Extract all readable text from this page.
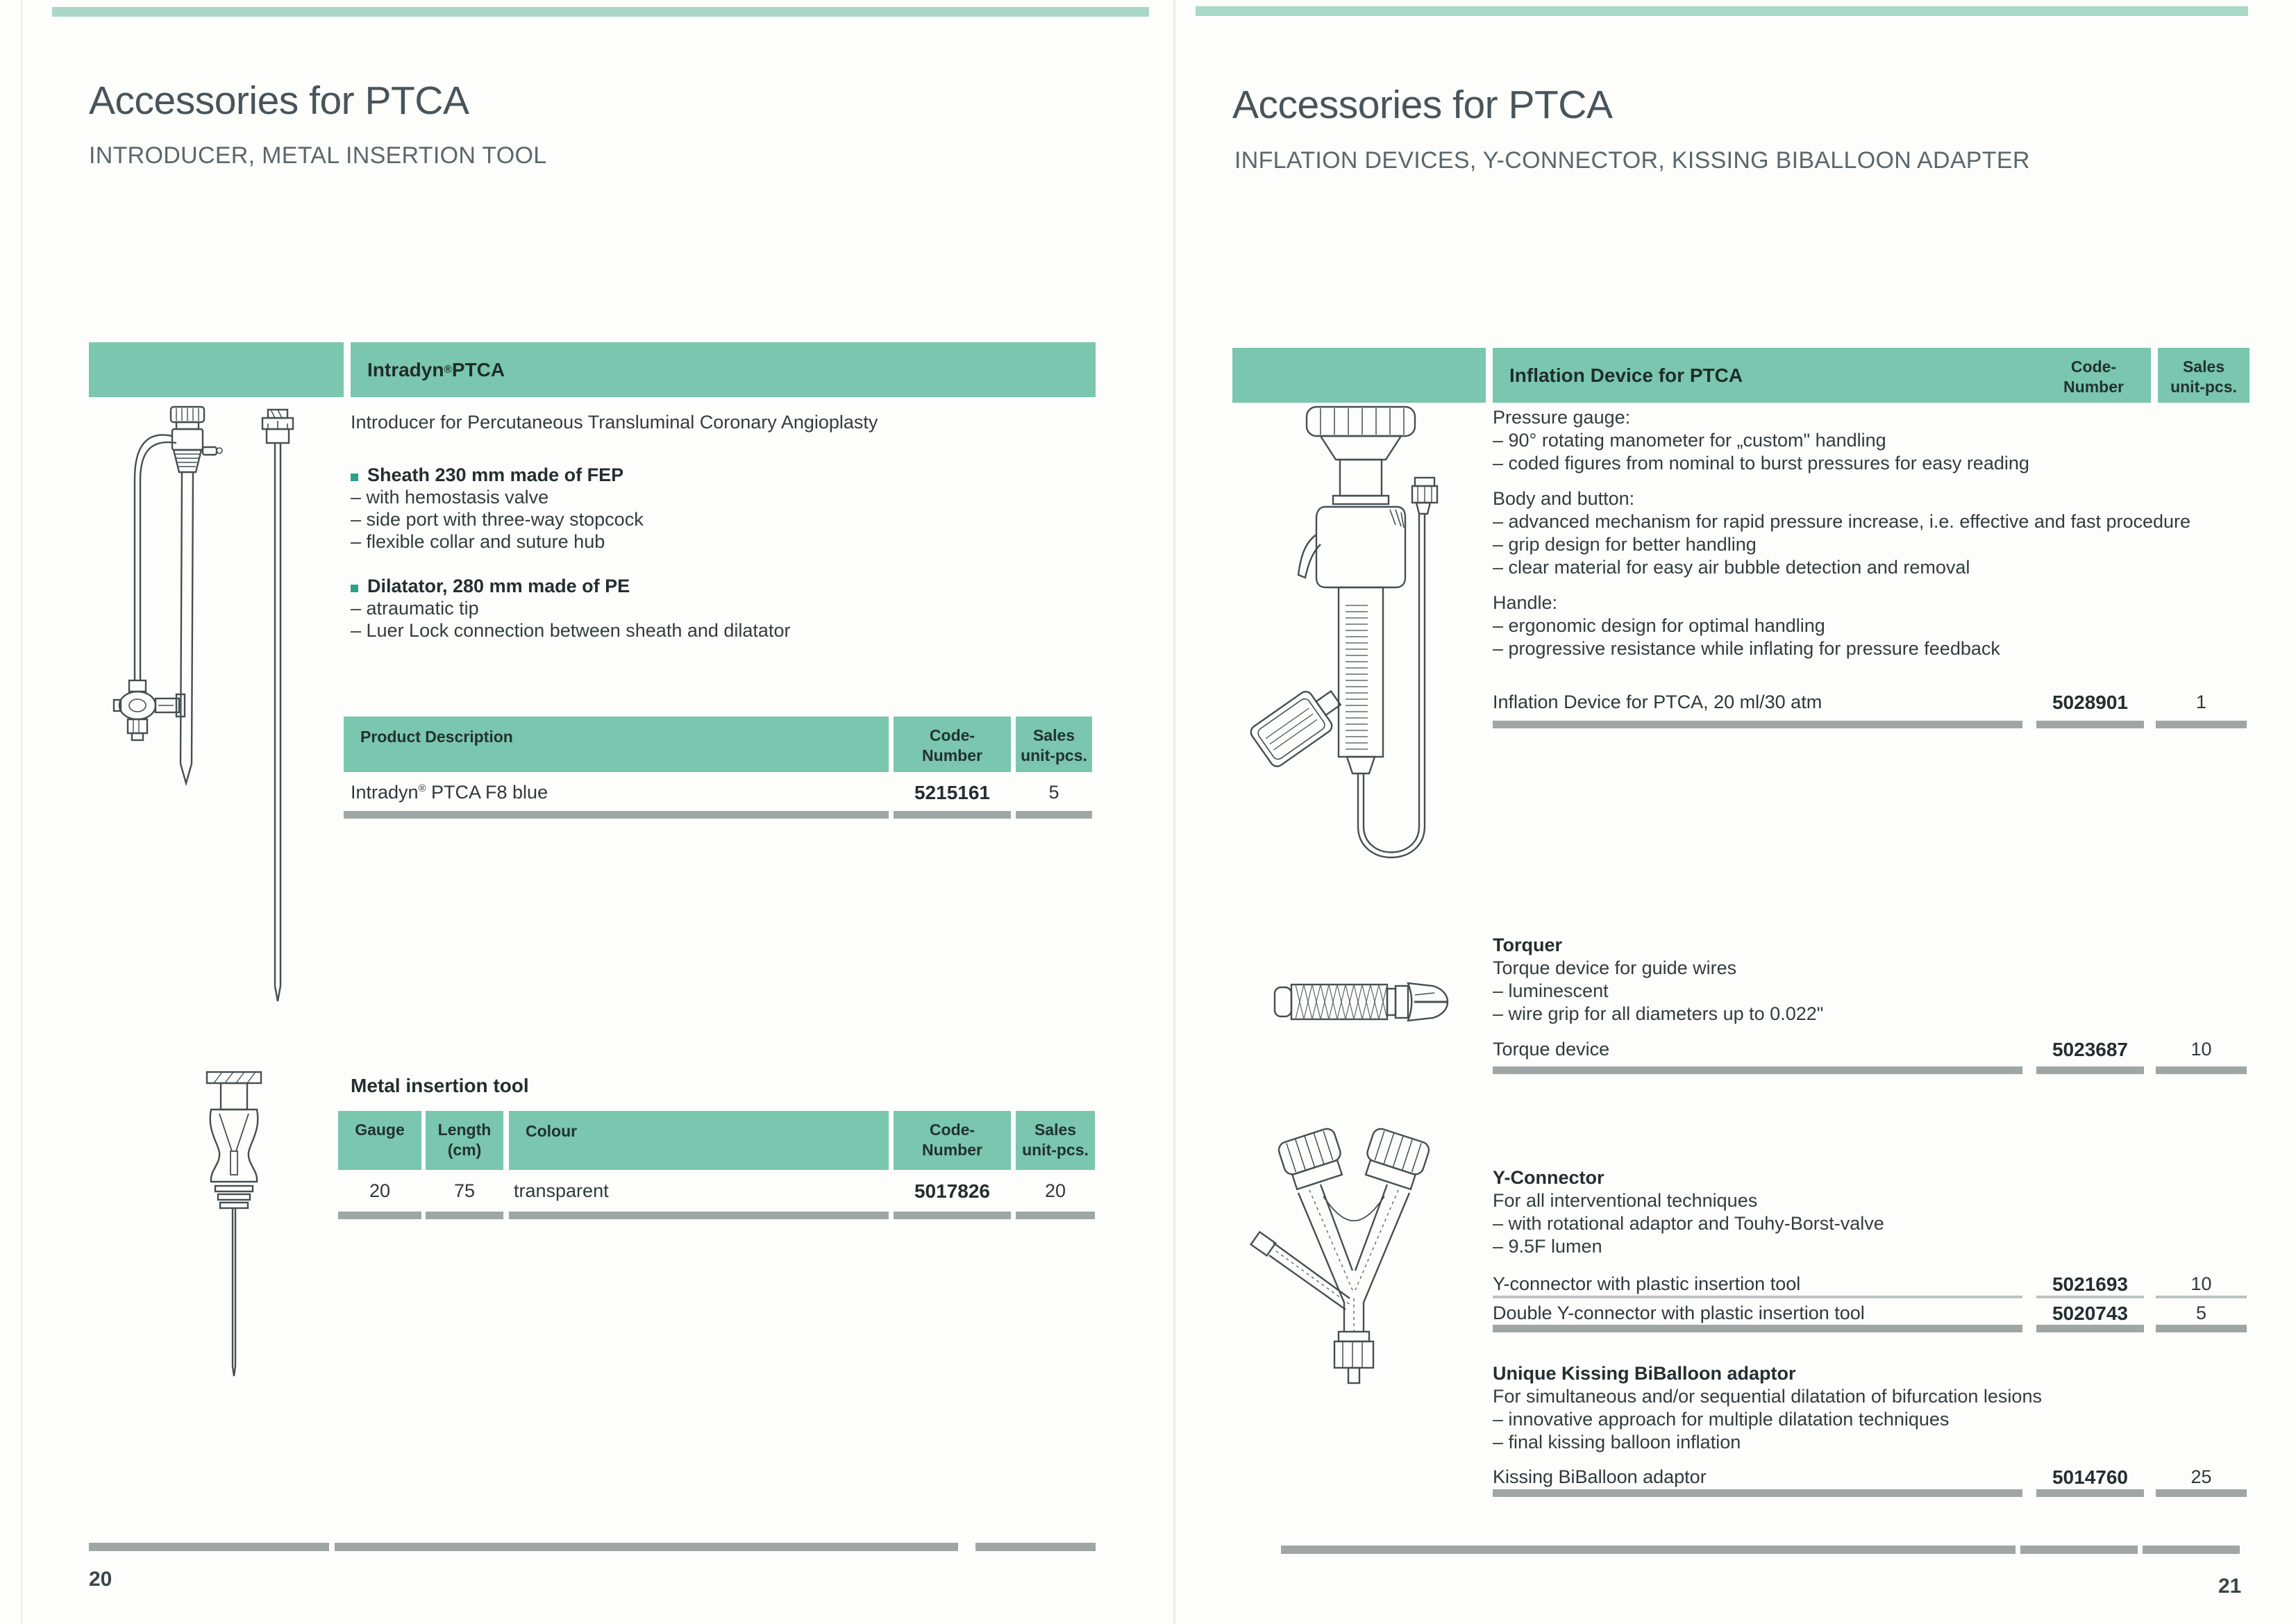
Accessories for PTCA
INTRODUCER, METAL INSERTION TOOL
Intradyn ® PTCA
Introducer for Percutaneous Transluminal Coronary Angioplasty
Sheath 230 mm made of FEP
– with hemostasis valve
– side port with three-way stopcock
– flexible collar and suture hub
Dilatator, 280 mm made of PE
– atraumatic tip
– Luer Lock connection between sheath and dilatator
Product Description	Code-
Number
Sales
unit-pcs.
Intradyn® PTCA F8 blue	5215161	5
Metal insertion tool
Gauge Length
(cm)
Colour	Code-
Number
Sales
unit-pcs.
20	75	transparent	5017826	20
20
Accessories for PTCA
INFLATION DEVICES, Y-CONNECTOR, KISSING BIBALLOON ADAPTER
Inflation Device for PTCA	Code-
Number
Sales
unit-pcs.
Pressure gauge:
– 90° rotating manometer for „custom" handling
– coded figures from nominal to burst pressures for easy reading
Body and button:
– advanced mechanism for rapid pressure increase, i.e. effective and fast procedure
– grip design for better handling
– clear material for easy air bubble detection and removal
Handle:
– ergonomic design for optimal handling
– progressive resistance while inflating for pressure feedback
Inflation Device for PTCA, 20 ml/30 atm	5028901	1
Torquer
Torque device for guide wires
– luminescent
– wire grip for all diameters up to 0.022"
Torque device	5023687	10
Y-Connector
For all interventional techniques
– with rotational adaptor and Touhy-Borst-valve
– 9.5F lumen
Y-connector with plastic insertion tool	5021693	10
Double Y-connector with plastic insertion tool	5020743	5
Unique Kissing BiBalloon adaptor
For simultaneous and/or sequential dilatation of bifurcation lesions
– innovative approach for multiple dilatation techniques
– final kissing balloon inflation
Kissing BiBalloon adaptor	5014760	25
21
